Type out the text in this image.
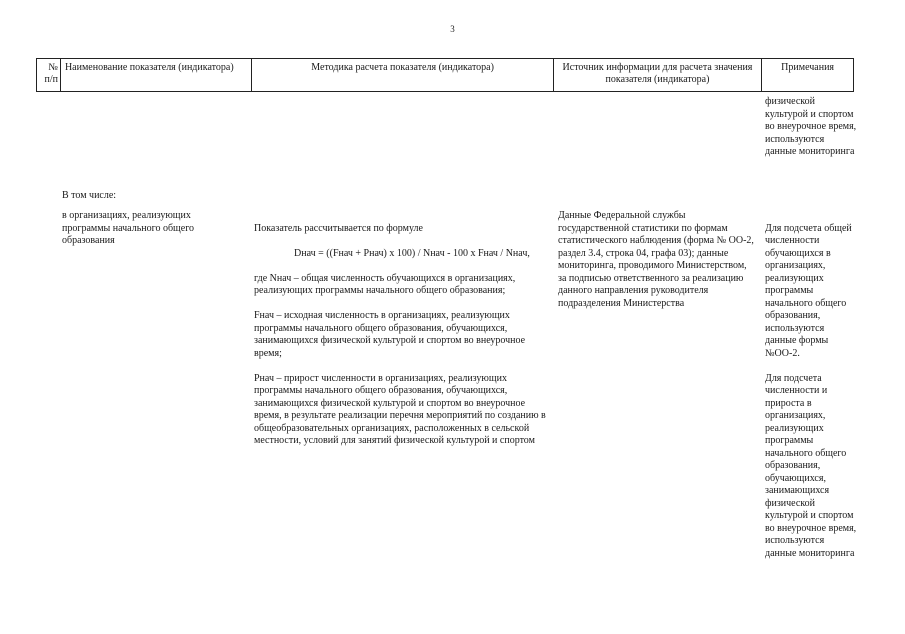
3
№ п/п
Наименование показателя (индикатора)	Методика расчета показателя (индикатора)	Источник информации для расчета значения показателя (индикатора)
Примечания
физической культурой и спортом во внеурочное время, используются данные мониторинга
В том числе:
в организациях, реализующих программы начального общего образования

Показатель рассчитывается по формуле

Dнач = ((Fнач + Pнач) x 100) / Nнач - 100 x Fнач / Nнач,

где Nнач – общая численность обучающихся в организациях, реализующих программы начального общего образования;

Fнач – исходная численность в организациях, реализующих программы начального общего образования, обучающихся, занимающихся физической культурой и спортом во внеурочное время;

Pнач – прирост численности в организациях, реализующих программы начального общего образования, обучающихся, занимающихся физической культурой и спортом во внеурочное время, в результате реализации перечня мероприятий по созданию в общеобразовательных организациях, расположенных в сельской местности, условий для занятий физической культурой и спортом

Данные Федеральной службы государственной статистики по формам статистического наблюдения (форма № ОО-2, раздел 3.4, строка 04, графа 03); данные мониторинга, проводимого Министерством, за подписью ответственного за реализацию данного направления руководителя подразделения Министерства

Для подсчета общей численности обучающихся в организациях, реализующих программы начального общего образования, используются данные формы №ОО-2.

Для подсчета численности и прироста в организациях, реализующих программы начального общего образования, обучающихся, занимающихся физической культурой и спортом во внеурочное время, используются данные мониторинга
